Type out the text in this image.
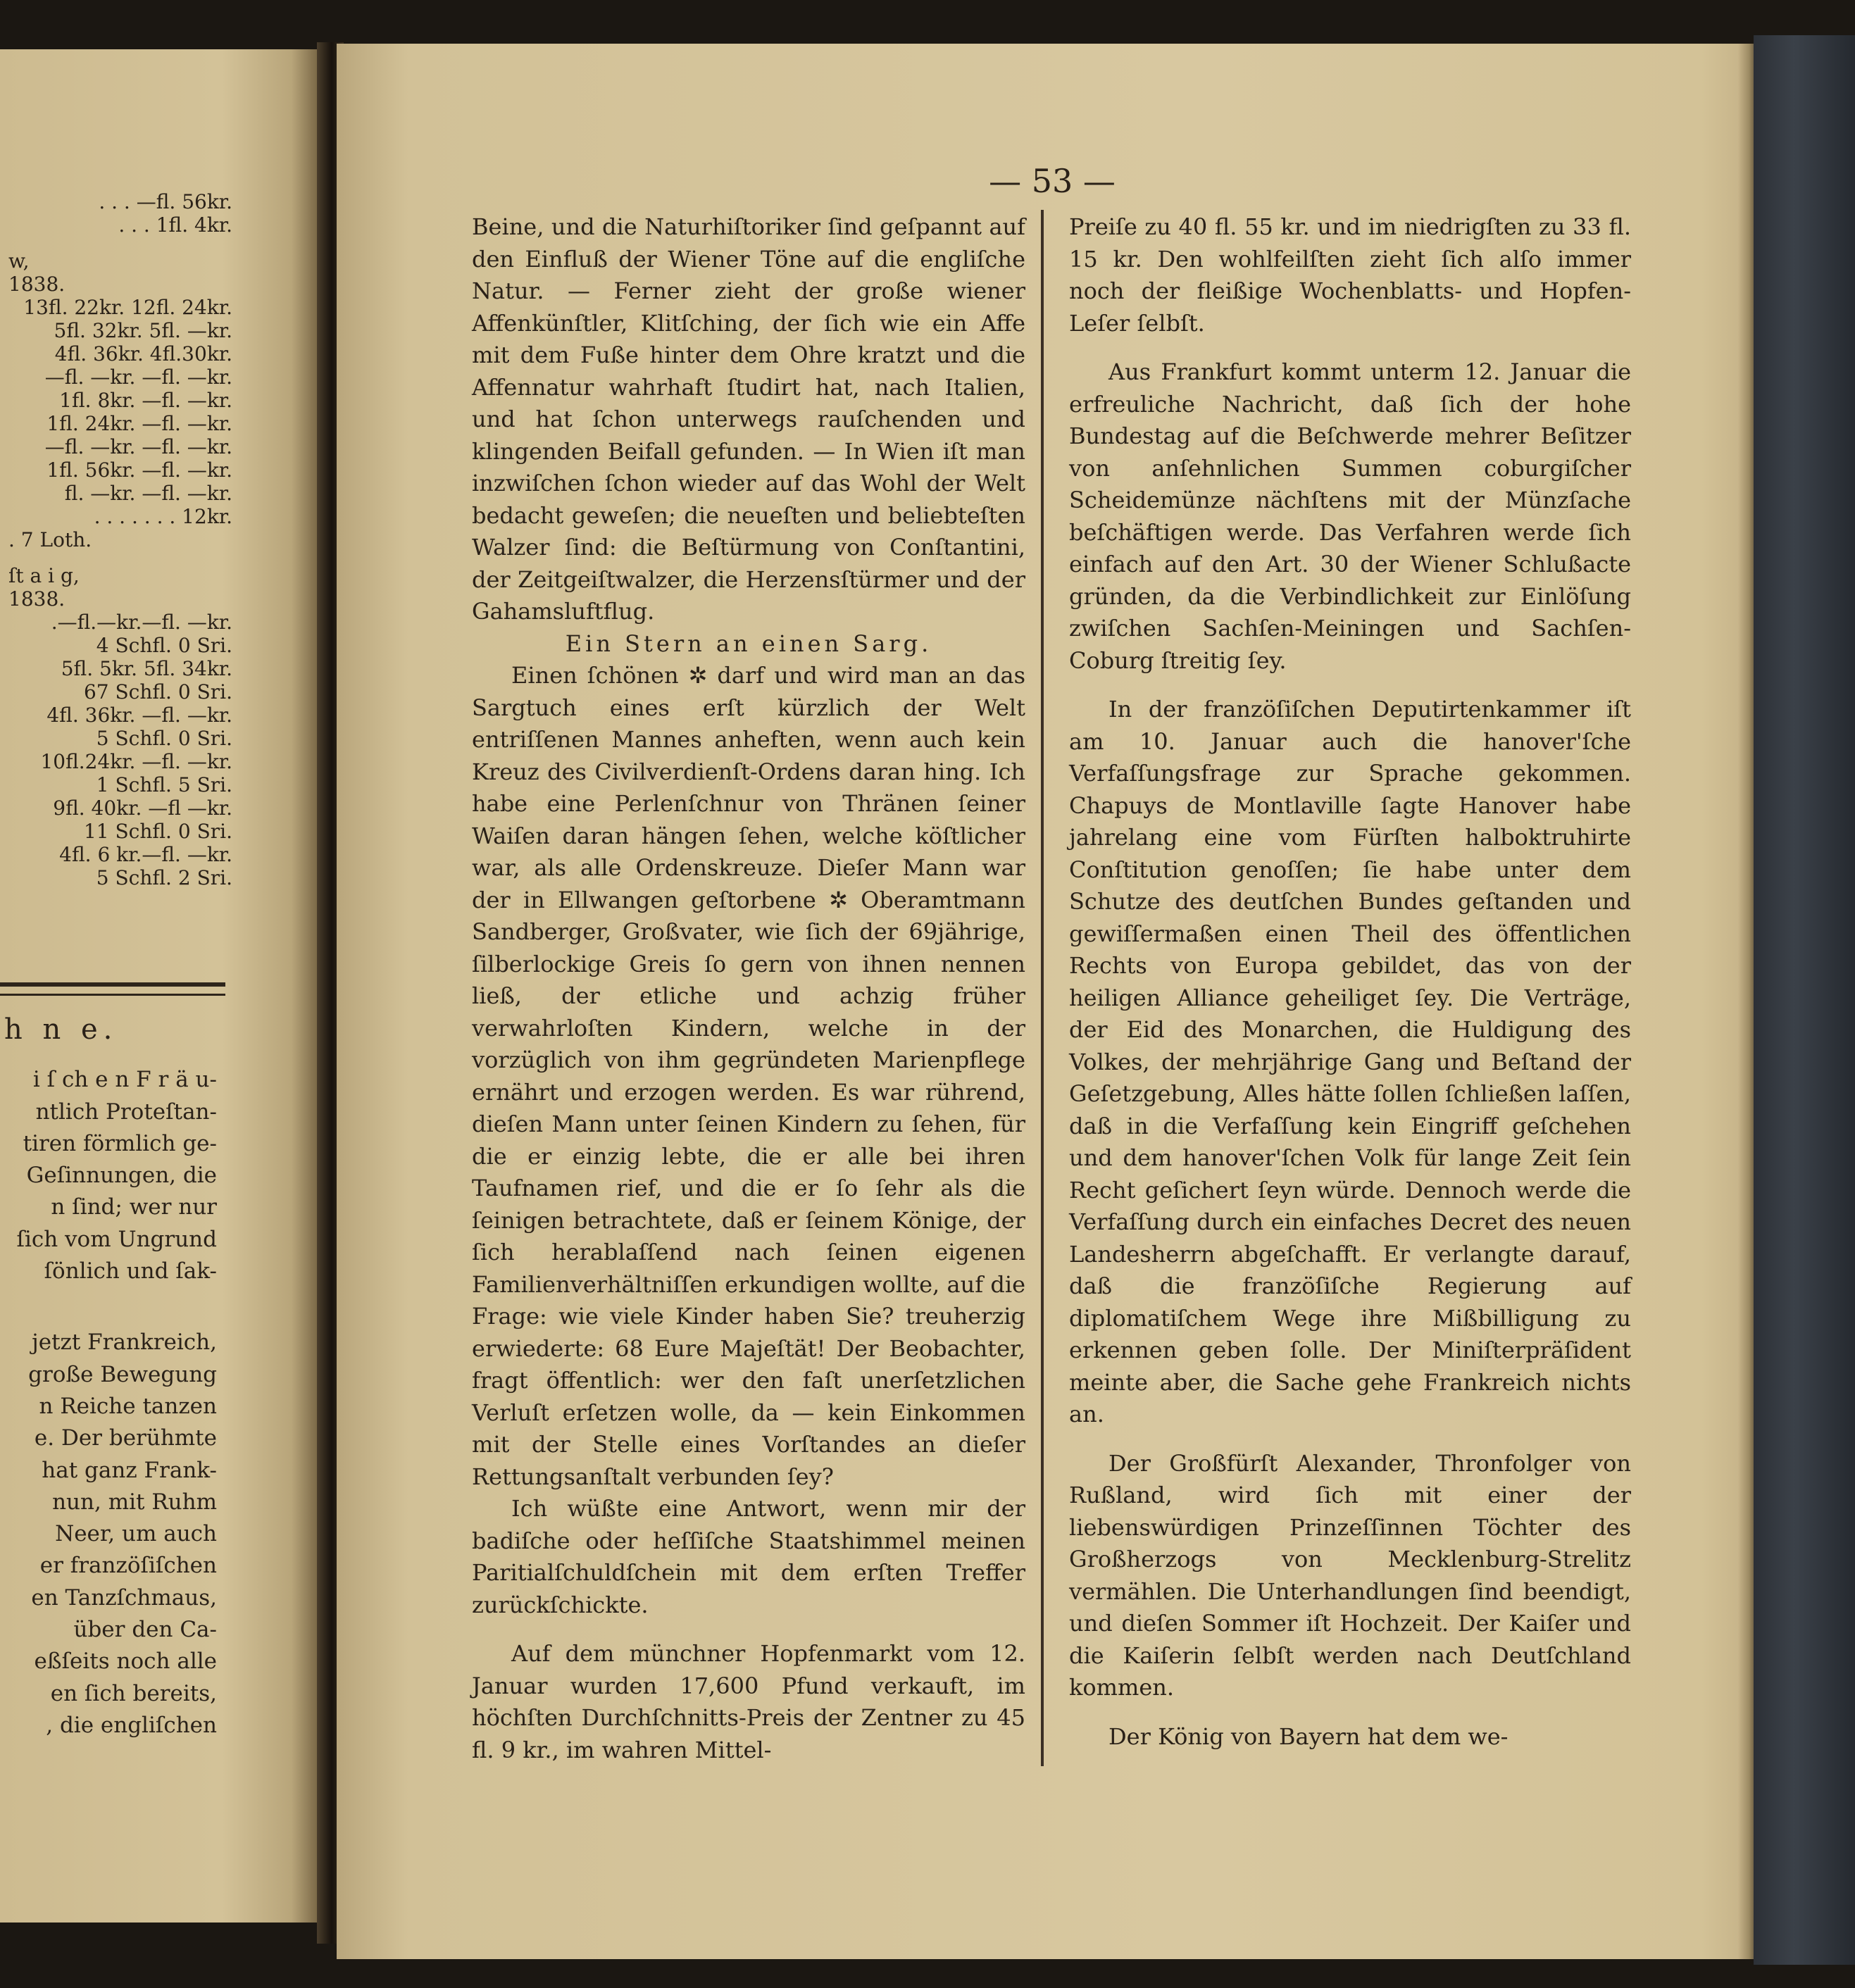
. . . —fl. 56kr.

. . . 1fl. 4kr.

w,

1838.

13fl. 22kr. 12fl. 24kr.

5fl. 32kr. 5fl. —kr.

4fl. 36kr. 4fl.30kr.

—fl. —kr. —fl. —kr.

1fl. 8kr. —fl. —kr.

1fl. 24kr. —fl. —kr.

—fl. —kr. —fl. —kr.

1fl. 56kr. —fl. —kr.

fl. —kr. —fl. —kr.

. . . . . . . 12kr.

. 7 Loth.

ſt a i g,

1838.

.—fl.—kr.—fl. —kr.

4 Schfl. 0 Sri.

5fl. 5kr. 5fl. 34kr.

67 Schfl. 0 Sri.

4fl. 36kr. —fl. —kr.

5 Schfl. 0 Sri.

10fl.24kr. —fl. —kr.

1 Schfl. 5 Sri.

9fl. 40kr. —fl —kr.

11 Schfl. 0 Sri.

4fl. 6 kr.—fl. —kr.

5 Schfl. 2 Sri.

h n e.

i ſ ch e n F r ä u-

ntlich Proteſtan-

tiren förmlich ge-

Geſinnungen, die

n ſind; wer nur

ſich vom Ungrund

ſönlich und ſak-

jetzt Frankreich,

große Bewegung

n Reiche tanzen

e. Der berühmte

hat ganz Frank-

nun, mit Ruhm

Neer, um auch

er franzöſiſchen

en Tanzſchmaus,

über den Ca-

eßſeits noch alle

en ſich bereits,

, die engliſchen

— 53 —

Beine, und die Naturhiſtoriker ſind geſpannt auf den Einfluß der Wiener Töne auf die engliſche Natur. — Ferner zieht der große wiener Affenkünſtler, Klitſching, der ſich wie ein Affe mit dem Fuße hinter dem Ohre kratzt und die Affennatur wahrhaft ſtudirt hat, nach Italien, und hat ſchon unterwegs rauſchenden und klingenden Beifall gefunden. — In Wien iſt man inzwiſchen ſchon wieder auf das Wohl der Welt bedacht geweſen; die neueſten und beliebteſten Walzer ſind: die Beſtürmung von Conſtantini, der Zeitgeiſtwalzer, die Herzensſtürmer und der Gahamsluftflug.

Ein Stern an einen Sarg.

Einen ſchönen ✲ darf und wird man an das Sargtuch eines erſt kürzlich der Welt entriſſenen Mannes anheften, wenn auch kein Kreuz des Civilverdienſt-Ordens daran hing. Ich habe eine Perlenſchnur von Thränen ſeiner Waiſen daran hängen ſehen, welche köſtlicher war, als alle Ordenskreuze. Dieſer Mann war der in Ellwangen geſtorbene ✲ Oberamtmann Sandberger, Großvater, wie ſich der 69jährige, ſilberlockige Greis ſo gern von ihnen nennen ließ, der etliche und achzig früher verwahrloſten Kindern, welche in der vorzüglich von ihm gegründeten Marienpflege ernährt und erzogen werden. Es war rührend, dieſen Mann unter ſeinen Kindern zu ſehen, für die er einzig lebte, die er alle bei ihren Taufnamen rief, und die er ſo ſehr als die ſeinigen betrachtete, daß er ſeinem Könige, der ſich herablaſſend nach ſeinen eigenen Familienverhältniſſen erkundigen wollte, auf die Frage: wie viele Kinder haben Sie? treuherzig erwiederte: 68 Eure Majeſtät! Der Beobachter, fragt öffentlich: wer den faſt unerſetzlichen Verluſt erſetzen wolle, da — kein Einkommen mit der Stelle eines Vorſtandes an dieſer Rettungsanſtalt verbunden ſey?

Ich wüßte eine Antwort, wenn mir der badiſche oder heſſiſche Staatshimmel meinen Paritialſchuldſchein mit dem erſten Treffer zurückſchickte.

Auf dem münchner Hopfenmarkt vom 12. Januar wurden 17,600 Pfund verkauft, im höchſten Durchſchnitts-Preis der Zentner zu 45 fl. 9 kr., im wahren Mittel-

Preiſe zu 40 fl. 55 kr. und im niedrigſten zu 33 fl. 15 kr. Den wohlfeilſten zieht ſich alſo immer noch der fleißige Wochenblatts- und Hopfen-Leſer ſelbſt.

Aus Frankfurt kommt unterm 12. Januar die erfreuliche Nachricht, daß ſich der hohe Bundestag auf die Beſchwerde mehrer Beſitzer von anſehnlichen Summen coburgiſcher Scheidemünze nächſtens mit der Münzſache beſchäftigen werde. Das Verfahren werde ſich einfach auf den Art. 30 der Wiener Schlußacte gründen, da die Verbindlichkeit zur Einlöſung zwiſchen Sachſen-Meiningen und Sachſen-Coburg ſtreitig ſey.

In der franzöſiſchen Deputirtenkammer iſt am 10. Januar auch die hanover'ſche Verfaſſungsfrage zur Sprache gekommen. Chapuys de Montlaville ſagte Hanover habe jahrelang eine vom Fürſten halboktruhirte Conſtitution genoſſen; ſie habe unter dem Schutze des deutſchen Bundes geſtanden und gewiſſermaßen einen Theil des öffentlichen Rechts von Europa gebildet, das von der heiligen Alliance geheiliget ſey. Die Verträge, der Eid des Monarchen, die Huldigung des Volkes, der mehrjährige Gang und Beſtand der Geſetzgebung, Alles hätte ſollen ſchließen laſſen, daß in die Verfaſſung kein Eingriff geſchehen und dem hanover'ſchen Volk für lange Zeit ſein Recht geſichert ſeyn würde. Dennoch werde die Verfaſſung durch ein einfaches Decret des neuen Landesherrn abgeſchafft. Er verlangte darauf, daß die franzöſiſche Regierung auf diplomatiſchem Wege ihre Mißbilligung zu erkennen geben ſolle. Der Miniſterpräſident meinte aber, die Sache gehe Frankreich nichts an.

Der Großfürſt Alexander, Thronfolger von Rußland, wird ſich mit einer der liebenswürdigen Prinzeſſinnen Töchter des Großherzogs von Mecklenburg-Strelitz vermählen. Die Unterhandlungen ſind beendigt, und dieſen Sommer iſt Hochzeit. Der Kaiſer und die Kaiſerin ſelbſt werden nach Deutſchland kommen.

Der König von Bayern hat dem we-
